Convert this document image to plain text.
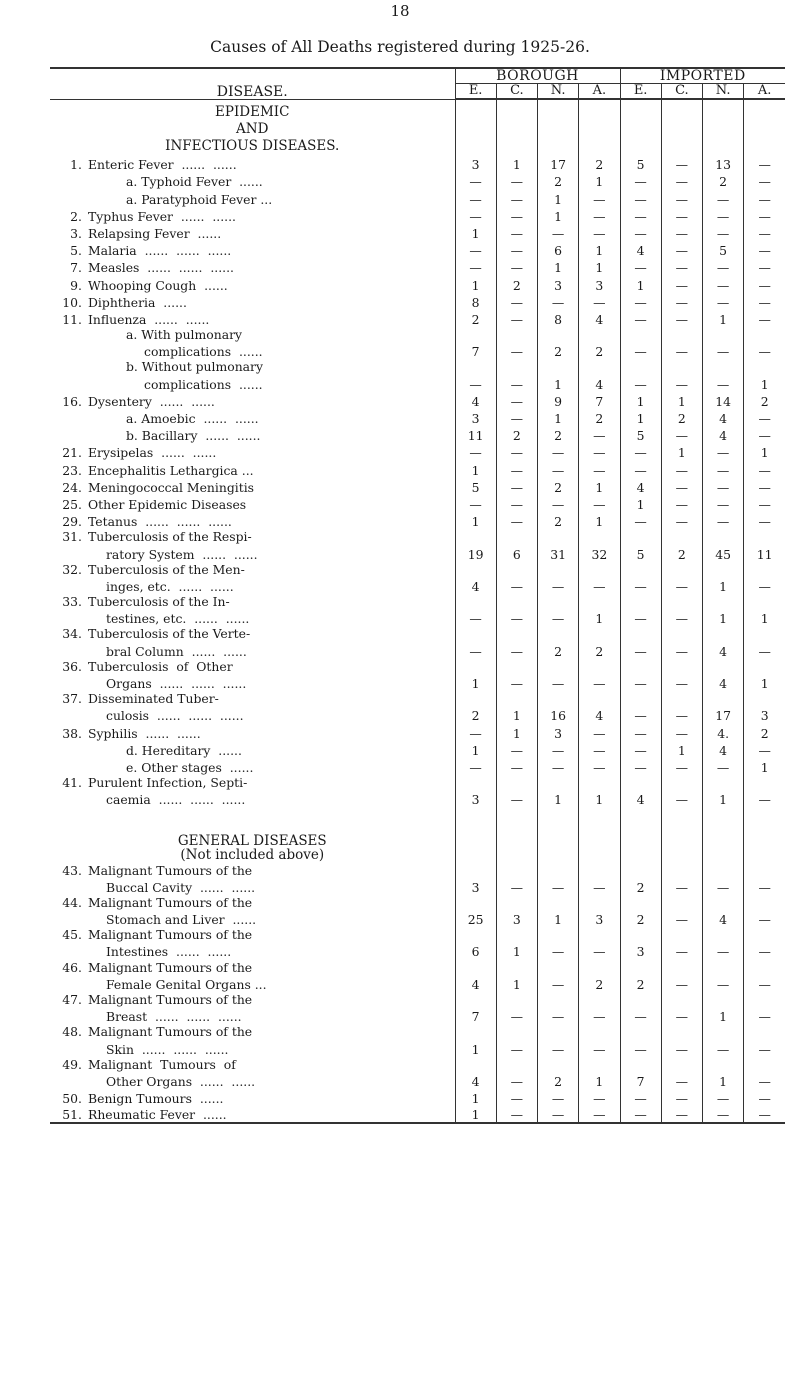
18
Causes of All Deaths registered during 1925-26.
DISEASE.	BOROUGH				IMPORTED			
	E.	C.	N.	A.	E.	C.	N.	A.

EPIDEMIC
AND
INFECTIOUS DISEASES.								

1. Enteric Fever  ......  ......	3	1	17	2	5	—	13	—
a. Typhoid Fever  ......	—	—	2	1	—	—	2	—
a. Paratyphoid Fever ...	—	—	1	—	—	—	—	—
2. Typhus Fever  ......  ......	—	—	1	—	—	—	—	—
3. Relapsing Fever  ......	1	—	—	—	—	—	—	—
5. Malaria  ......  ......  ......	—	—	6	1	4	—	5	—
7. Measles  ......  ......  ......	—	—	1	1	—	—	—	—
9. Whooping Cough  ......	1	2	3	3	1	—	—	—
10. Diphtheria  ......	8	—	—	—	—	—	—	—
11. Influenza  ......  ......	2	—	8	4	—	—	1	—
a. With pulmonary								
complications  ......	7	—	2	2	—	—	—	—
b. Without pulmonary								
complications  ......	—	—	1	4	—	—	—	1
16. Dysentery  ......  ......	4	—	9	7	1	1	14	2
a. Amoebic  ......  ......	3	—	1	2	1	2	4	—
b. Bacillary  ......  ......	11	2	2	—	5	—	4	—
21. Erysipelas  ......  ......	—	—	—	—	—	1	—	1
23. Encephalitis Lethargica ...	1	—	—	—	—	—	—	—
24. Meningococcal Meningitis	5	—	2	1	4	—	—	—
25. Other Epidemic Diseases	—	—	—	—	1	—	—	—
29. Tetanus  ......  ......  ......	1	—	2	1	—	—	—	—
31. Tuberculosis of the Respi-								
ratory System  ......  ......	19	6	31	32	5	2	45	11
32. Tuberculosis of the Men-								
inges, etc.  ......  ......	4	—	—	—	—	—	1	—
33. Tuberculosis of the In-								
testines, etc.  ......  ......	—	—	—	1	—	—	1	1
34. Tuberculosis of the Verte-								
bral Column  ......  ......	—	—	2	2	—	—	4	—
36. Tuberculosis  of  Other								
Organs  ......  ......  ......	1	—	—	—	—	—	4	1
37. Disseminated Tuber-								
culosis  ......  ......  ......	2	1	16	4	—	—	17	3
38. Syphilis  ......  ......	—	1	3	—	—	—	4.	2
d. Hereditary  ......	1	—	—	—	—	1	4	—
e. Other stages  ......	—	—	—	—	—	—	—	1
41. Purulent Infection, Septi-								
caemia  ......  ......  ......	3	—	1	1	4	—	1	—

GENERAL DISEASES								

(Not included above)								

43. Malignant Tumours of the								
Buccal Cavity  ......  ......	3	—	—	—	2	—	—	—
44. Malignant Tumours of the								
Stomach and Liver  ......	25	3	1	3	2	—	4	—
45. Malignant Tumours of the								
Intestines  ......  ......	6	1	—	—	3	—	—	—
46. Malignant Tumours of the								
Female Genital Organs ...	4	1	—	2	2	—	—	—
47. Malignant Tumours of the								
Breast  ......  ......  ......	7	—	—	—	—	—	1	—
48. Malignant Tumours of the								
Skin  ......  ......  ......	1	—	—	—	—	—	—	—
49. Malignant  Tumours  of								
Other Organs  ......  ......	4	—	2	1	7	—	1	—
50. Benign Tumours  ......	1	—	—	—	—	—	—	—
51. Rheumatic Fever  ......	1	—	—	—	—	—	—	—
